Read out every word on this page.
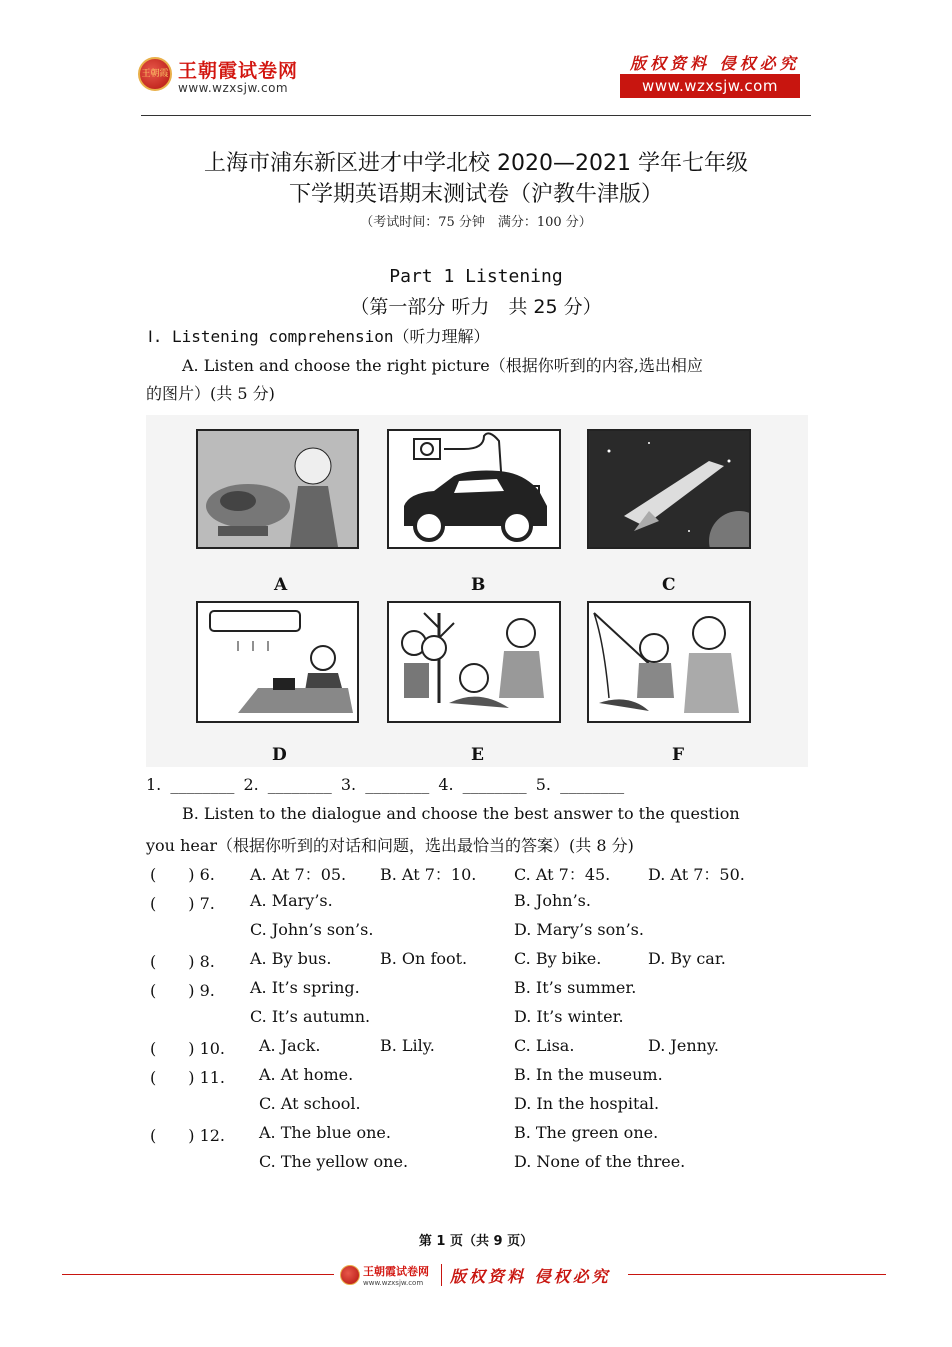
王朝霞 王朝霞试卷网
www.wzxsjw.com
版权资料 侵权必究
www.wzxsjw.com
上海市浦东新区进才中学北校 2020—2021 学年七年级
下学期英语期末测试卷（沪教牛津版）
（考试时间：75 分钟　满分：100 分）
Part 1 Listening
（第一部分 听力　共 25 分）
Ⅰ. Listening comprehension（听力理解）
A. Listen and choose the right picture（根据你听到的内容,选出相应
的图片）(共 5 分)
A	B	C
D	E	F
1. ________ 2. ________ 3. ________ 4. ________ 5. ________
B. Listen to the dialogue and choose the best answer to the question
you hear（根据你听到的对话和问题，选出最恰当的答案）(共 8 分)
(　　) 6. A. At 7：05. B. At 7：10. C. At 7：45. D. At 7：50.
(　　) 7. A. Mary’s.	B. John’s.
C. John’s son’s.	D. Mary’s son’s.
(　　) 8. A. By bus.	B. On foot.	C. By bike.	D. By car.
(　　) 9. A. It’s spring.	B. It’s summer.
C. It’s autumn.	D. It’s winter.
(　　) 10. A. Jack.	B. Lily.	C. Lisa.	D. Jenny.
(　　) 11. A. At home.	B. In the museum.
C. At school.	D. In the hospital.
(　　) 12. A. The blue one.	B. The green one.
C. The yellow one.	D. None of the three.
第 1 页（共 9 页）
王朝霞试卷网
www.wzxsjw.com 版权资料 侵权必究
